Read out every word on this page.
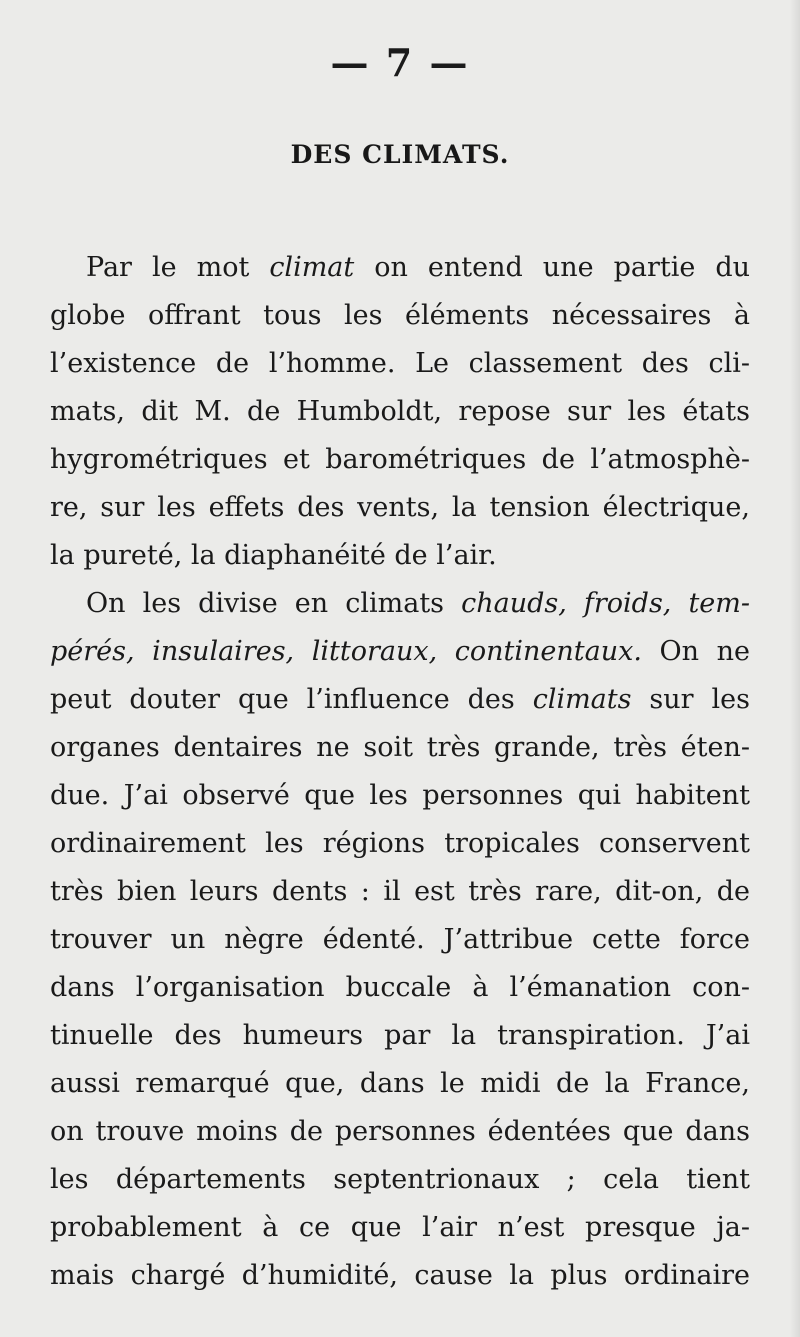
— 7 —
DES CLIMATS.
Par le mot climat on entend une partie du
globe offrant tous les éléments nécessaires à
l’existence de l’homme. Le classement des cli-
mats, dit M. de Humboldt, repose sur les états
hygrométriques et barométriques de l’atmosphè-
re, sur les effets des vents, la tension électrique,
la pureté, la diaphanéité de l’air.
On les divise en climats chauds, froids, tem-
pérés, insulaires, littoraux, continentaux. On ne
peut douter que l’influence des climats sur les
organes dentaires ne soit très grande, très éten-
due. J’ai observé que les personnes qui habitent
ordinairement les régions tropicales conservent
très bien leurs dents : il est très rare, dit-on, de
trouver un nègre édenté. J’attribue cette force
dans l’organisation buccale à l’émanation con-
tinuelle des humeurs par la transpiration. J’ai
aussi remarqué que, dans le midi de la France,
on trouve moins de personnes édentées que dans
les départements septentrionaux ; cela tient
probablement à ce que l’air n’est presque ja-
mais chargé d’humidité, cause la plus ordinaire
